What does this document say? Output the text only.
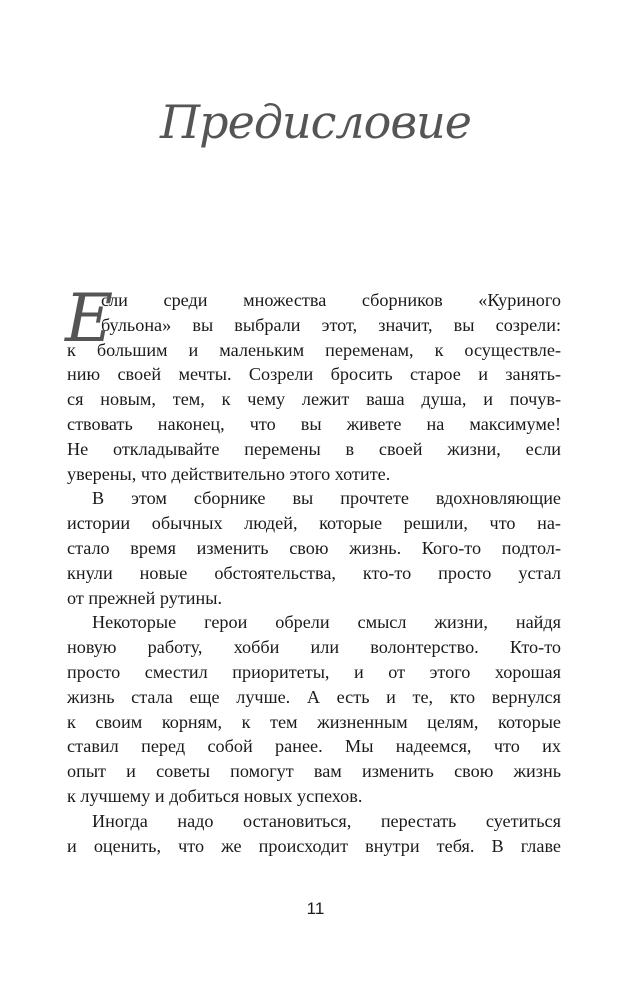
Предисловие
Е
сли среди множества сборников «Куриного
бульона» вы выбрали этот, значит, вы созрели:
к большим и маленьким переменам, к осуществле-
нию своей мечты. Созрели бросить старое и занять-
ся новым, тем, к чему лежит ваша душа, и почув-
ствовать наконец, что вы живете на максимуме!
Не откладывайте перемены в своей жизни, если
уверены, что действительно этого хотите.
В этом сборнике вы прочтете вдохновляющие
истории обычных людей, которые решили, что на-
стало время изменить свою жизнь. Кого-то подтол-
кнули новые обстоятельства, кто-то просто устал
от прежней рутины.
Некоторые герои обрели смысл жизни, найдя
новую работу, хобби или волонтерство. Кто-то
просто сместил приоритеты, и от этого хорошая
жизнь стала еще лучше. А есть и те, кто вернулся
к своим корням, к тем жизненным целям, которые
ставил перед собой ранее. Мы надеемся, что их
опыт и советы помогут вам изменить свою жизнь
к лучшему и добиться новых успехов.
Иногда надо остановиться, перестать суетиться
и оценить, что же происходит внутри тебя. В главе
11
